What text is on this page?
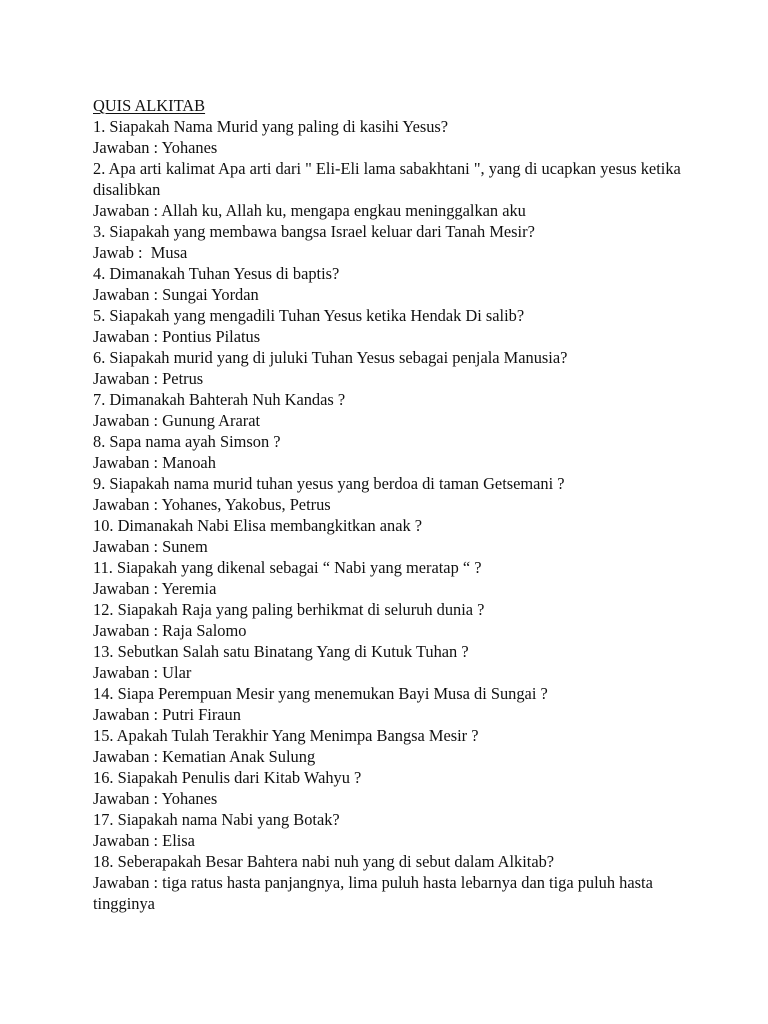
QUIS ALKITAB
1. Siapakah Nama Murid yang paling di kasihi Yesus?
Jawaban : Yohanes
2. Apa arti kalimat Apa arti dari " Eli-Eli lama sabakhtani ", yang di ucapkan yesus ketika disalibkan
Jawaban : Allah ku, Allah ku, mengapa engkau meninggalkan aku
3. Siapakah yang membawa bangsa Israel keluar dari Tanah Mesir?
Jawab :  Musa
4. Dimanakah Tuhan Yesus di baptis?
Jawaban : Sungai Yordan
5. Siapakah yang mengadili Tuhan Yesus ketika Hendak Di salib?
Jawaban : Pontius Pilatus
6. Siapakah murid yang di juluki Tuhan Yesus sebagai penjala Manusia?
Jawaban : Petrus
7. Dimanakah Bahterah Nuh Kandas ?
Jawaban : Gunung Ararat
8. Sapa nama ayah Simson ?
Jawaban : Manoah
9. Siapakah nama murid tuhan yesus yang berdoa di taman Getsemani ?
Jawaban : Yohanes, Yakobus, Petrus
10. Dimanakah Nabi Elisa membangkitkan anak ?
Jawaban : Sunem
11. Siapakah yang dikenal sebagai “ Nabi yang meratap “ ?
Jawaban : Yeremia
12. Siapakah Raja yang paling berhikmat di seluruh dunia ?
Jawaban : Raja Salomo
13. Sebutkan Salah satu Binatang Yang di Kutuk Tuhan ?
Jawaban : Ular
14. Siapa Perempuan Mesir yang menemukan Bayi Musa di Sungai ?
Jawaban : Putri Firaun
15. Apakah Tulah Terakhir Yang Menimpa Bangsa Mesir ?
Jawaban : Kematian Anak Sulung
16. Siapakah Penulis dari Kitab Wahyu ?
Jawaban : Yohanes
17. Siapakah nama Nabi yang Botak?
Jawaban : Elisa
18. Seberapakah Besar Bahtera nabi nuh yang di sebut dalam Alkitab?
Jawaban : tiga ratus hasta panjangnya, lima puluh hasta lebarnya dan tiga puluh hasta tingginya
